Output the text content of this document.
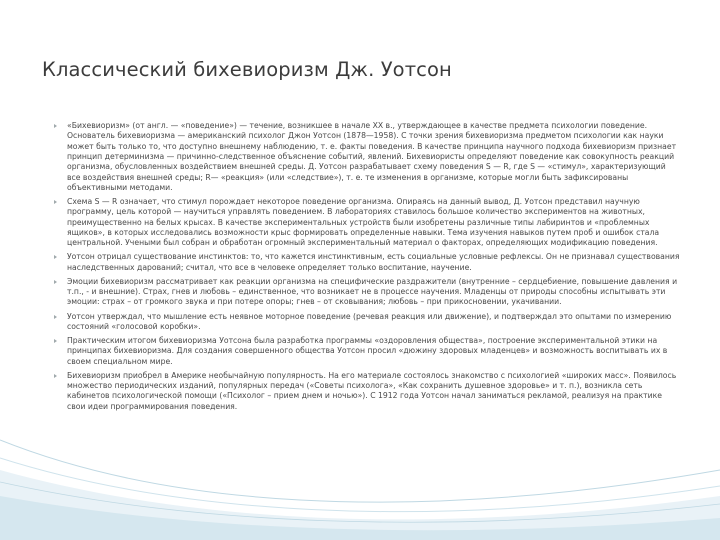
Классический бихевиоризм Дж. Уотсон
«Бихевиоризм» (от англ. — «поведение») — течение, возникшее в начале XX в., утверждающее в качестве предмета психологии поведение. Основатель бихевиоризма — американский психолог Джон Уотсон (1878—1958). С точки зрения бихевиоризма предметом психологии как науки может быть только то, что доступно внешнему наблюдению, т. е. факты поведения. В качестве принципа научного подхода бихевиоризм признает принцип детерминизма — причинно-следственное объяснение событий, явлений. Бихевиористы определяют поведение как совокупность реакций организма, обусловленных воздействием внешней среды. Д. Уотсон разрабатывает схему поведения S — R, где S — «стимул», характеризующий все воздействия внешней среды; R— «реакция» (или «следствие»), т. е. те изменения в организме, которые могли быть зафиксированы объективными методами.
Схема S — R означает, что стимул порождает некоторое поведение организма. Опираясь на данный вывод, Д. Уотсон представил научную программу, цель которой — научиться управлять поведением. В лабораториях ставилось большое количество экспериментов на животных, преимущественно на белых крысах. В качестве экспериментальных устройств были изобретены различные типы лабиринтов и «проблемных ящиков», в которых исследовались возможности крыс формировать определенные навыки. Тема изучения навыков путем проб и ошибок стала центральной. Учеными был собран и обработан огромный экспериментальный материал о факторах, определяющих модификацию поведения.
Уотсон отрицал существование инстинктов: то, что кажется инстинктивным, есть социальные условные рефлексы. Он не признавал существования наследственных дарований; считал, что все в человеке определяет только воспитание, научение.
Эмоции бихевиоризм рассматривает как реакции организма на специфические раздражители (внутренние – сердцебиение, повышение давления и т.п., - и внешние). Страх, гнев и любовь – единственное, что возникает не в процессе научения. Младенцы от природы способны испытывать эти эмоции: страх – от громкого звука и при потере опоры; гнев – от сковывания; любовь – при прикосновении, укачивании.
Уотсон утверждал, что мышление есть неявное моторное поведение (речевая реакция или движение), и подтверждал это опытами по измерению состояний «голосовой коробки».
Практическим итогом бихевиоризма Уотсона была разработка программы «оздоровления общества», построение экспериментальной этики на принципах бихевиоризма. Для создания совершенного общества Уотсон просил «дюжину здоровых младенцев» и возможность воспитывать их в своем специальном мире.
Бихевиоризм приобрел в Америке необычайную популярность. На его материале состоялось знакомство с психологией «широких масс». Появилось множество периодических изданий, популярных передач («Советы психолога», «Как сохранить душевное здоровье» и т. п.), возникла сеть кабинетов психологической помощи («Психолог – прием днем и ночью»). С 1912 года Уотсон начал заниматься рекламой, реализуя на практике свои идеи программирования поведения.
